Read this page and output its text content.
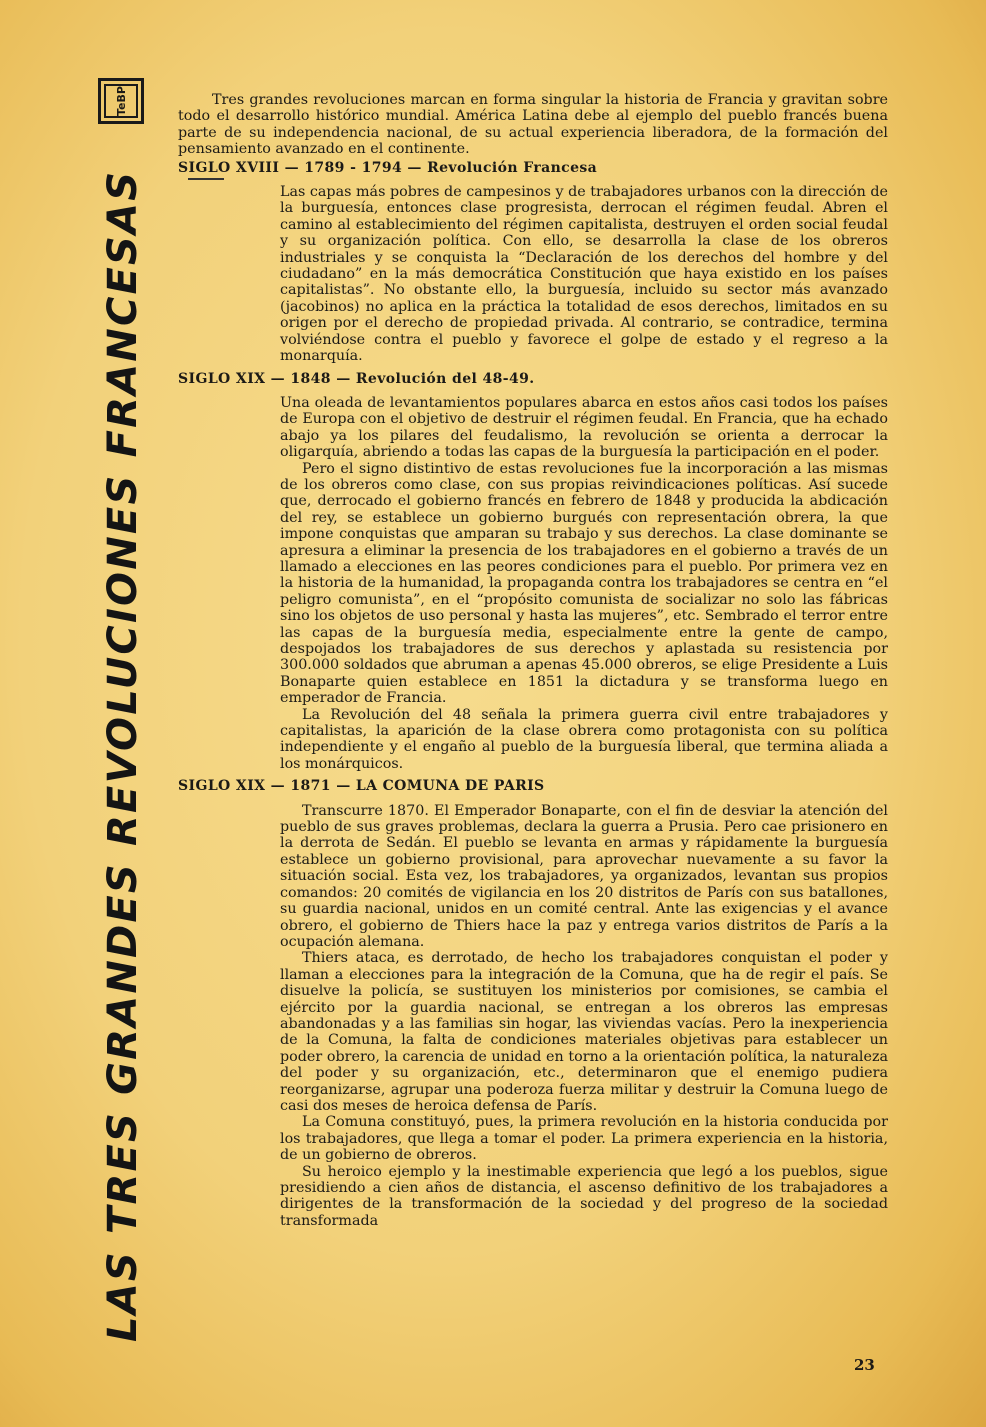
TeBP
LAS TRES GRANDES REVOLUCIONES FRANCESAS

Tres grandes revoluciones marcan en forma singular la historia de Francia y gravitan sobre todo el desarrollo histórico mundial. América Latina debe al ejemplo del pueblo francés buena parte de su independencia nacional, de su actual experiencia liberadora, de la formación del pensamiento avanzado en el continente.

SIGLO XVIII — 1789 - 1794 — Revolución Francesa

Las capas más pobres de campesinos y de trabajadores urbanos con la dirección de la burguesía, entonces clase progresista, derrocan el régimen feudal. Abren el camino al establecimiento del régimen capitalista, destruyen el orden social feudal y su organización política. Con ello, se desarrolla la clase de los obreros industriales y se conquista la “Declaración de los derechos del hombre y del ciudadano” en la más democrática Constitución que haya existido en los países capitalistas”. No obstante ello, la burguesía, incluido su sector más avanzado (jacobinos) no aplica en la práctica la totalidad de esos derechos, limitados en su origen por el derecho de propiedad privada. Al contrario, se contradice, termina volviéndose contra el pueblo y favorece el golpe de estado y el regreso a la monarquía.

SIGLO XIX — 1848 — Revolución del 48-49.

Una oleada de levantamientos populares abarca en estos años casi todos los países de Europa con el objetivo de destruir el régimen feudal. En Francia, que ha echado abajo ya los pilares del feudalismo, la revolución se orienta a derrocar la oligarquía, abriendo a todas las capas de la burguesía la participación en el poder.

Pero el signo distintivo de estas revoluciones fue la incorporación a las mismas de los obreros como clase, con sus propias reivindicaciones políticas. Así sucede que, derrocado el gobierno francés en febrero de 1848 y producida la abdicación del rey, se establece un gobierno burgués con representación obrera, la que impone conquistas que amparan su trabajo y sus derechos. La clase dominante se apresura a eliminar la presencia de los trabajadores en el gobierno a través de un llamado a elecciones en las peores condiciones para el pueblo. Por primera vez en la historia de la humanidad, la propaganda contra los trabajadores se centra en “el peligro comunista”, en el “propósito comunista de socializar no solo las fábricas sino los objetos de uso personal y hasta las mujeres”, etc. Sembrado el terror entre las capas de la burguesía media, especialmente entre la gente de campo, despojados los trabajadores de sus derechos y aplastada su resistencia por 300.000 soldados que abruman a apenas 45.000 obreros, se elige Presidente a Luis Bonaparte quien establece en 1851 la dictadura y se transforma luego en emperador de Francia.

La Revolución del 48 señala la primera guerra civil entre trabajadores y capitalistas, la aparición de la clase obrera como protagonista con su política independiente y el engaño al pueblo de la burguesía liberal, que termina aliada a los monárquicos.

SIGLO XIX — 1871 — LA COMUNA DE PARIS

Transcurre 1870. El Emperador Bonaparte, con el fin de desviar la atención del pueblo de sus graves problemas, declara la guerra a Prusia. Pero cae prisionero en la derrota de Sedán. El pueblo se levanta en armas y rápidamente la burguesía establece un gobierno provisional, para aprovechar nuevamente a su favor la situación social. Esta vez, los trabajadores, ya organizados, levantan sus propios comandos: 20 comités de vigilancia en los 20 distritos de París con sus batallones, su guardia nacional, unidos en un comité central. Ante las exigencias y el avance obrero, el gobierno de Thiers hace la paz y entrega varios distritos de París a la ocupación alemana.

Thiers ataca, es derrotado, de hecho los trabajadores conquistan el poder y llaman a elecciones para la integración de la Comuna, que ha de regir el país. Se disuelve la policía, se sustituyen los ministerios por comisiones, se cambia el ejército por la guardia nacional, se entregan a los obreros las empresas abandonadas y a las familias sin hogar, las viviendas vacías. Pero la inexperiencia de la Comuna, la falta de condiciones materiales objetivas para establecer un poder obrero, la carencia de unidad en torno a la orientación política, la naturaleza del poder y su organización, etc., determinaron que el enemigo pudiera reorganizarse, agrupar una poderoza fuerza militar y destruir la Comuna luego de casi dos meses de heroica defensa de París.

La Comuna constituyó, pues, la primera revolución en la historia conducida por los trabajadores, que llega a tomar el poder. La primera experiencia en la historia, de un gobierno de obreros.

Su heroico ejemplo y la inestimable experiencia que legó a los pueblos, sigue presidiendo a cien años de distancia, el ascenso definitivo de los trabajadores a dirigentes de la transformación de la sociedad y del progreso de la sociedad transformada

23
